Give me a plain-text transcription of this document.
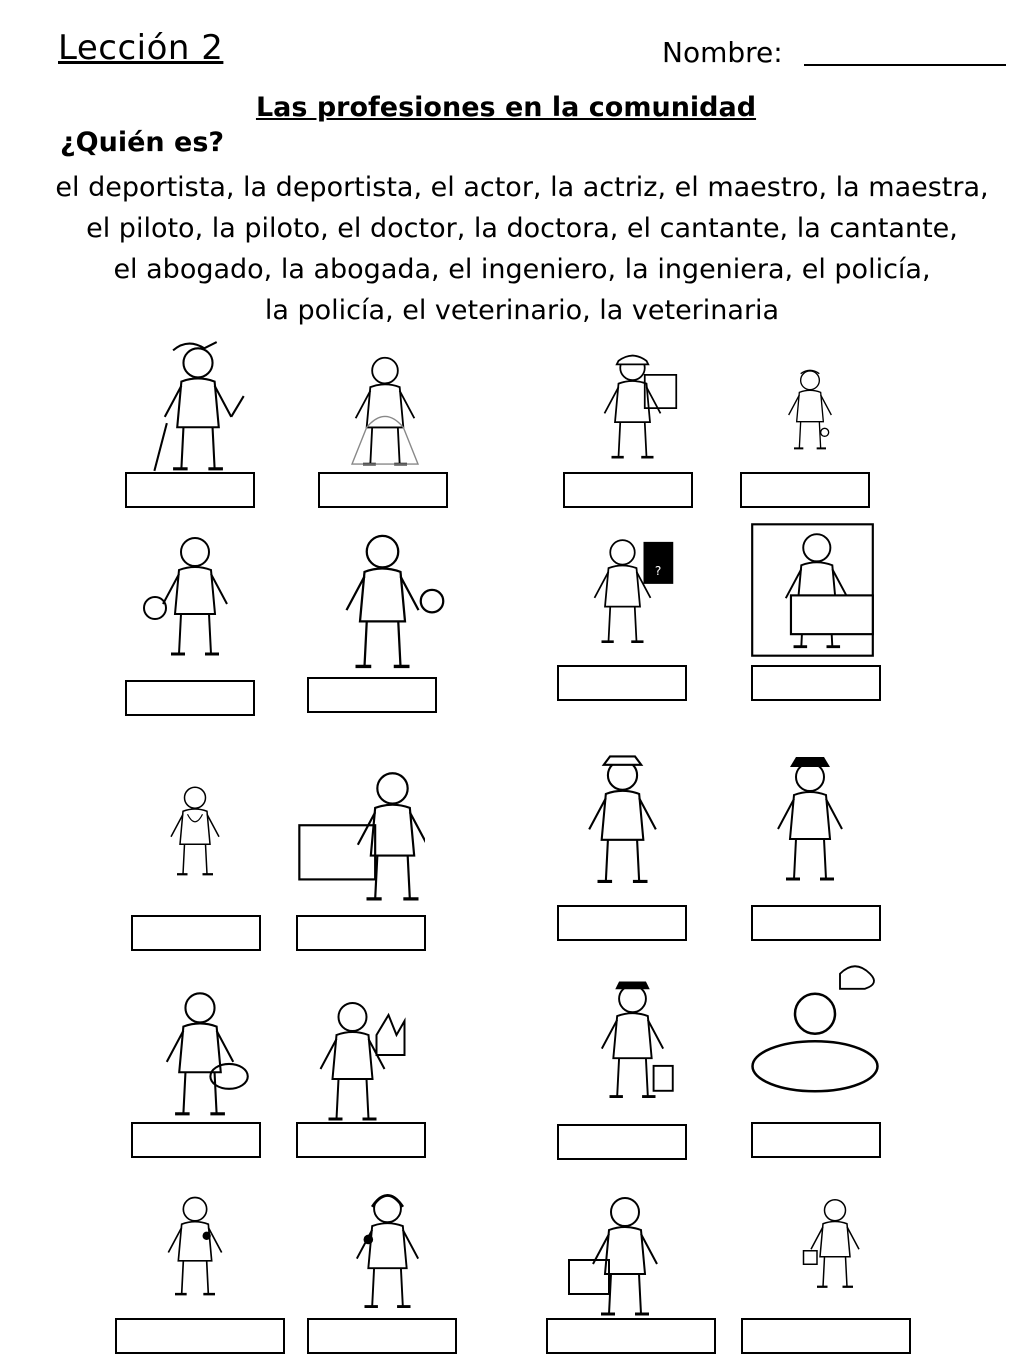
Lección 2	Nombre:
Las profesiones en la comunidad
¿Quién es?
el deportista, la deportista, el actor, la actriz, el maestro, la maestra,
el piloto, la piloto, el doctor, la doctora, el cantante, la cantante,
el abogado, la abogada, el ingeniero, la ingeniera, el policía,
la policía, el veterinario, la veterinaria
?
